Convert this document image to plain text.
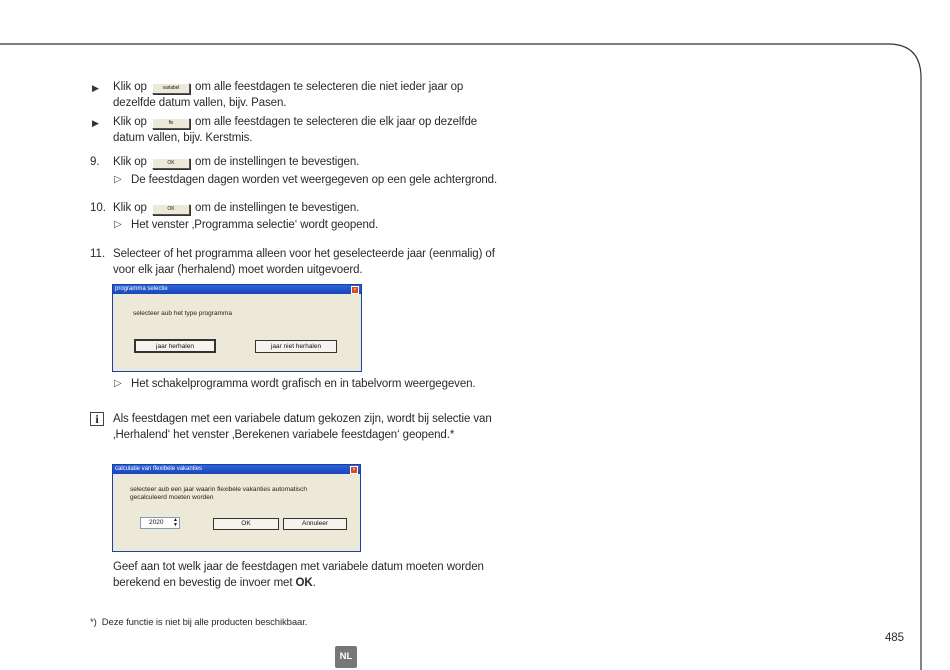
▶ Klik op	variabel om alle feestdagen te selecteren die niet ieder jaar op
dezelfde datum vallen, bijv. Pasen.
▶ Klik op	fix om alle feestdagen te selecteren die elk jaar op dezelfde
datum vallen, bijv. Kerstmis.
9. Klik op	OK om de instellingen te bevestigen.
▷ De feestdagen dagen worden vet weergegeven op een gele achtergrond.
10. Klik op	OK om de instellingen te bevestigen.
▷ Het venster ‚Programma selectie‘ wordt geopend.
11. Selecteer of het programma alleen voor het geselecteerde jaar (eenmalig) of
voor elk jaar (herhalend) moet worden uitgevoerd.
programma selectie	×
selecteer aub het type programma
jaar herhalen	jaar niet herhalen
▷ Het schakelprogramma wordt grafisch en in tabelvorm weergegeven.
i	Als feestdagen met een variabele datum gekozen zijn, wordt bij selectie van
‚Herhalend‘ het venster ‚Berekenen variabele feestdagen‘ geopend.*
calculatie van flexibele vakanties	×
selecteer aub een jaar waarin flexibele vakanties automatisch
gecalculeerd moeten worden
2020 ▲
▼	OK	Annuleer
Geef aan tot welk jaar de feestdagen met variabele datum moeten worden
berekend en bevestig de invoer met OK.
*) Deze functie is niet bij alle producten beschikbaar.
485
NL
